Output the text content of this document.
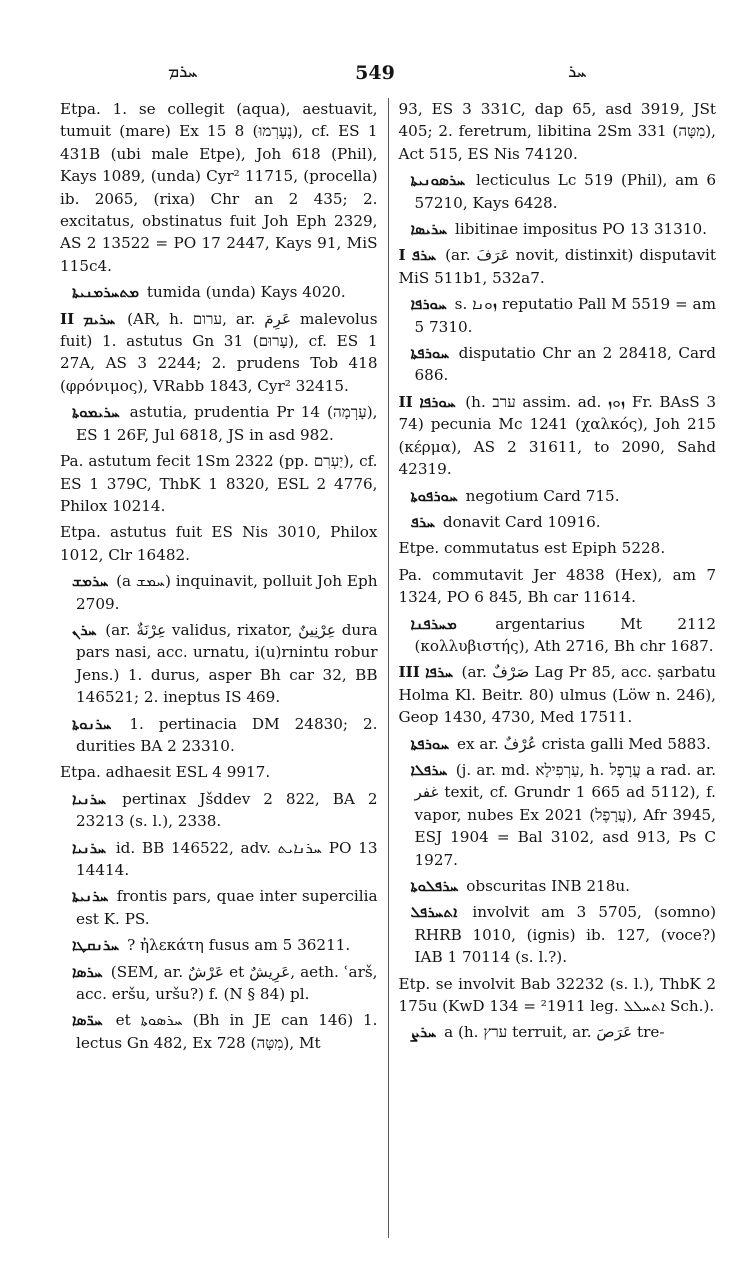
ܚܪܡ	549	ܚܪ

Etpa. 1. se collegit (aqua), aestuavit, tumuit (mare) Ex 15 8 (נֶעֶרְמוּ), cf. ES 1 431B (ubi male Etpe), Joh 618 (Phil), Kays 1089, (unda) Cyr² 11715, (procella) ib. 2065, (rixa) Chr an 2 435; 2. excitatus, obstinatus fuit Joh Eph 2329, AS 2 13522 = PO 17 2447, Kays 91, MiS 115c4.

ܡܬܚܪܡܢܝܬܐ tumida (unda) Kays 4020.

II ܚܪܝܡ (AR, h. ערום, ar. عَرِمَ malevolus fuit) 1. astutus Gn 31 (עָרוּם), cf. ES 1 27A, AS 3 2244; 2. prudens Tob 418 (φρόνιμος), VRabb 1843, Cyr² 32415.

ܚܪܝܡܘܬܐ astutia, prudentia Pr 14 (עָרְמָה), ES 1 26F, Jul 6818, JS in asd 982.

Pa. astutum fecit 1Sm 2322 (pp. יַעְרִם), cf. ES 1 379C, ThbK 1 8320, ESL 2 4776, Philox 10214.

Etpa. astutus fuit ES Nis 3010, Philox 1012, Clr 16482.

ܚܪܡܫ (a ܚܡܫ) inquinavit, polluit Joh Eph 2709.

ܚܪܢ (ar. عِرْنَةٌ validus, rixator, عِرْنِينٌ dura pars nasi, acc. urnatu, i(u)rnintu robur Jens.) 1. durus, asper Bh car 32, BB 146521; 2. ineptus IS 469.

ܚܪܢܘܬܐ 1. pertinacia DM 24830; 2. durities BA 2 23310.

Etpa. adhaesit ESL 4 9917.

ܚܪܢܝܐ pertinax Jšddev 2 822, BA 2 23213 (s. l.), 2338.

ܚܪܢܝܐ id. BB 146522, adv. ܚܪܢܐܝܬ PO 13 14414.

ܚܪܢܝܬܐ frontis pars, quae inter supercilia est K. PS.

ܚܪܢܩܛܐ ? ἠλεκάτη fusus am 5 36211.

ܚܪܣܐ (SEM, ar. عَرْشٌ et عَرِيشٌ, aeth. ʿarš, acc. eršu, uršu?) f. (N § 84) pl.

ܚܪ̈ܣܐ et ܚܪܣܘܬܐ (Bh in JE can 146) 1. lectus Gn 482, Ex 728 (מִטָּה), Mt

93, ES 3 331C, dap 65, asd 3919, JSt 405; 2. feretrum, libitina 2Sm 331 (מִטָּה), Act 515, ES Nis 74120.

ܚܪܣܘܢܝܬܐ lecticulus Lc 519 (Phil), am 6 57210, Kays 6428.

ܚܪܝܣܐ libitinae impositus PO 13 31310.

I ܚܪܦ (ar. عَرَفَ novit, distinxit) disputavit MiS 511b1, 532a7.

ܚܘܪܦܐ s. ܙܘܢܐ reputatio Pall M 5519 = am 5 7310.

ܚܘܪܦܬܐ disputatio Chr an 2 28418, Card 686.

II ܚܘܪܦܐ (h. ערב assim. ad. ܙܘܙ Fr. BAsS 3 74) pecunia Mc 1241 (χαλκός), Joh 215 (κέρμα), AS 2 31611, to 2090, Sahd 42319.

ܚܘܪܦܘܬܐ negotium Card 715.

ܚܪܦ donavit Card 10916.

Etpe. commutatus est Epiph 5228.

Pa. commutavit Jer 4838 (Hex), am 7 1324, PO 6 845, Bh car 11614.

ܡܚܪܦܢܐ	argentarius Mt 2112 (κολλυβιστής), Ath 2716, Bh chr 1687.

III ܚܪܦܐ (ar. صَرْفٌ Lag Pr 85, acc. ṣarbatu Holma Kl. Beitr. 80) ulmus (Löw n. 246), Geop 1430, 4730, Med 17511.

ܚܘܪܦܬܐ ex ar. عُرْفٌ crista galli Med 5883.

ܚܪܦܠܐ (j. ar. md. עַרְפִילָא, h. עֲרָפֶל a rad. ar. غفر texit, cf. Grundr 1 665 ad 5112), f. vapor, nubes Ex 2021 (עֲרָפֶל), Afr 3945, ESJ 1904 = Bal 3102, asd 913, Ps C 1927.

ܚܪܦܠܘܬܐ obscuritas INB 218u.

ܐܬܚܪܦܠ involvit am 3 5705, (somno) RHRB 1010, (ignis) ib. 127, (voce?) IAB 1 70114 (s. l.?).

Etp. se involvit Bab 32232 (s. l.), ThbK 2 175u (KwD 134 = ²1911 leg. ܐܬܚܠܠ Sch.).

ܚܪܨ a (h. ערץ terruit, ar. عَرَصَ tre-
